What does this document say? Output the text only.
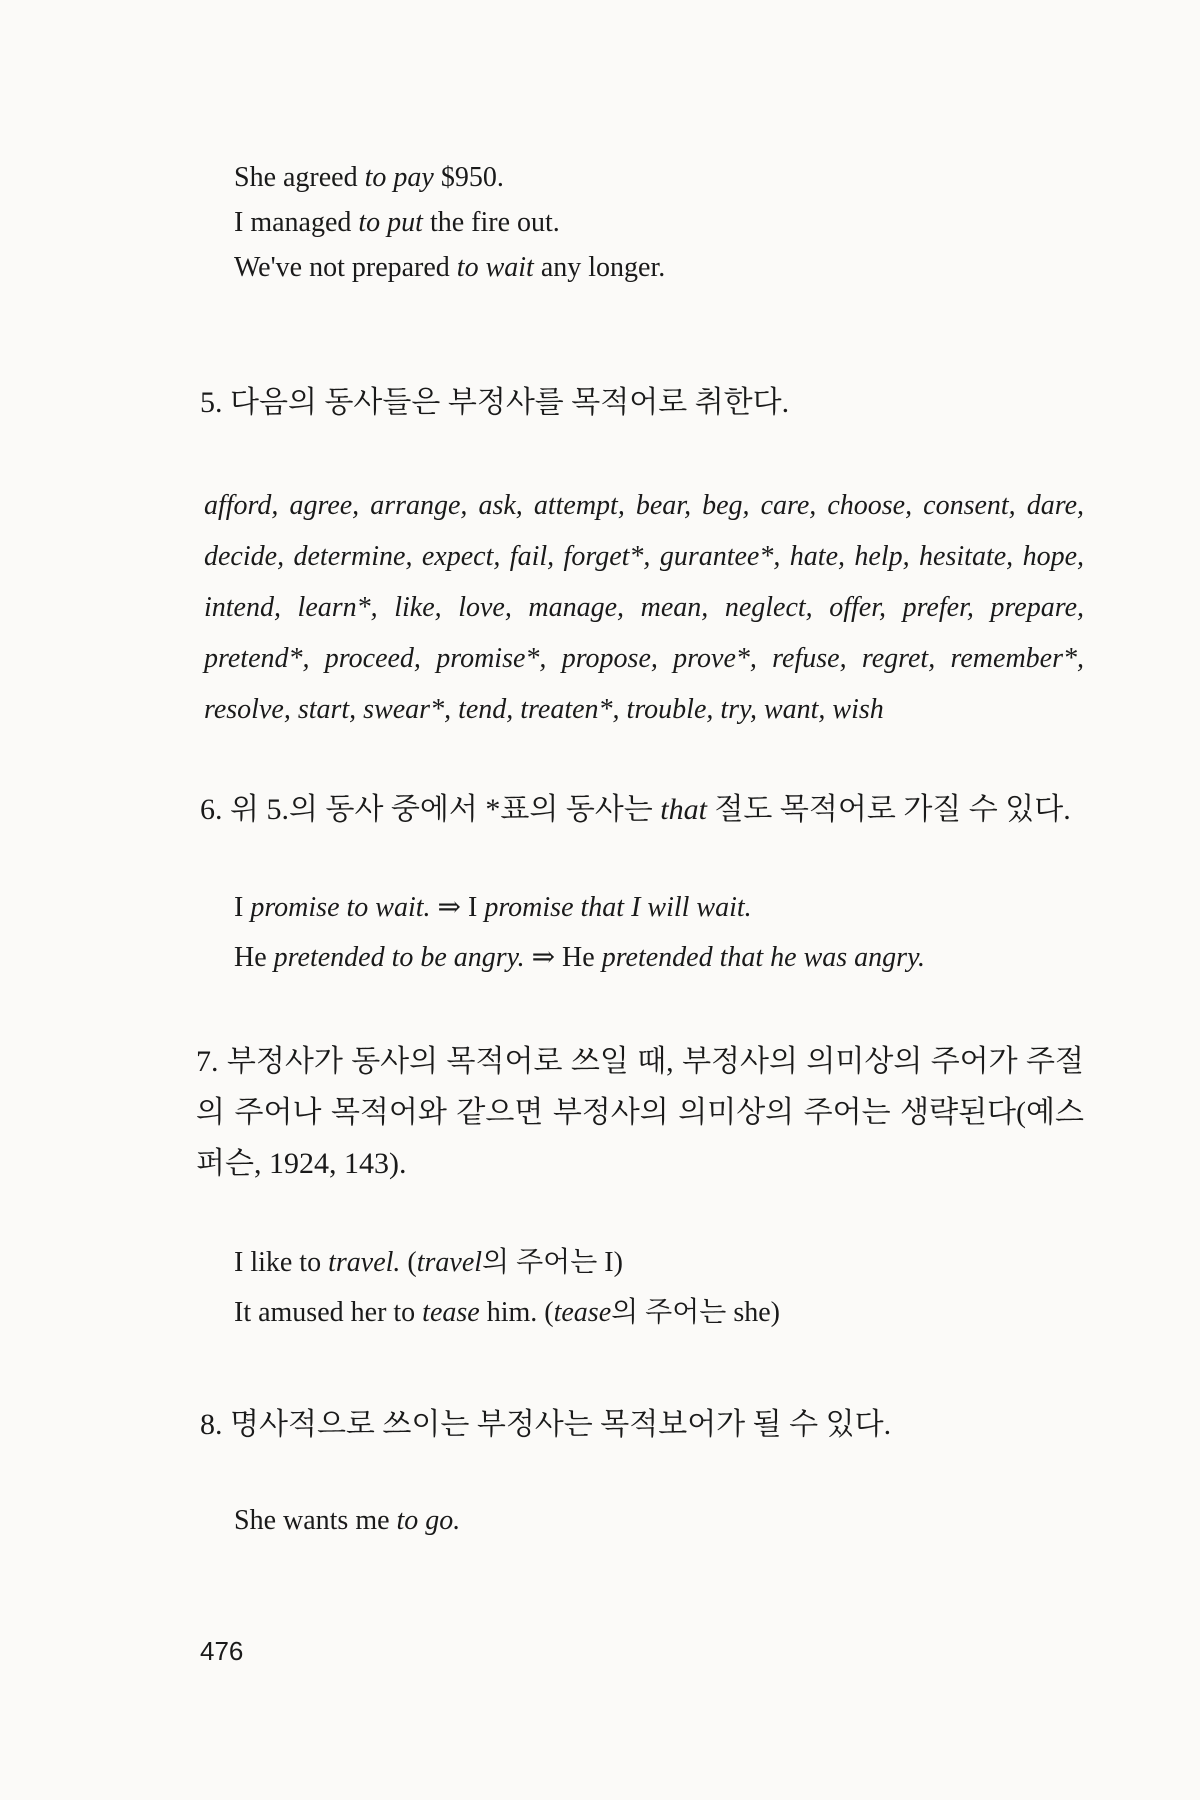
She agreed to pay $950.
I managed to put the fire out.
We've not prepared to wait any longer.
5. 다음의 동사들은 부정사를 목적어로 취한다.
afford, agree, arrange, ask, attempt, bear, beg, care, choose, consent, dare, decide, determine, expect, fail, forget*, gurantee*, hate, help, hesitate, hope, intend, learn*, like, love, manage, mean, neglect, offer, prefer, prepare, pretend*, proceed, promise*, propose, prove*, refuse, regret, remember*, resolve, start, swear*, tend, treaten*, trouble, try, want, wish
6. 위 5.의 동사 중에서 *표의 동사는 that 절도 목적어로 가질 수 있다.
I promise to wait. ⇒ I promise that I will wait.
He pretended to be angry. ⇒ He pretended that he was angry.
7. 부정사가 동사의 목적어로 쓰일 때, 부정사의 의미상의 주어가 주절의 주어나 목적어와 같으면 부정사의 의미상의 주어는 생략된다(예스퍼슨, 1924, 143).
I like to travel. (travel의 주어는 I)
It amused her to tease him. (tease의 주어는 she)
8. 명사적으로 쓰이는 부정사는 목적보어가 될 수 있다.
She wants me to go.
476
